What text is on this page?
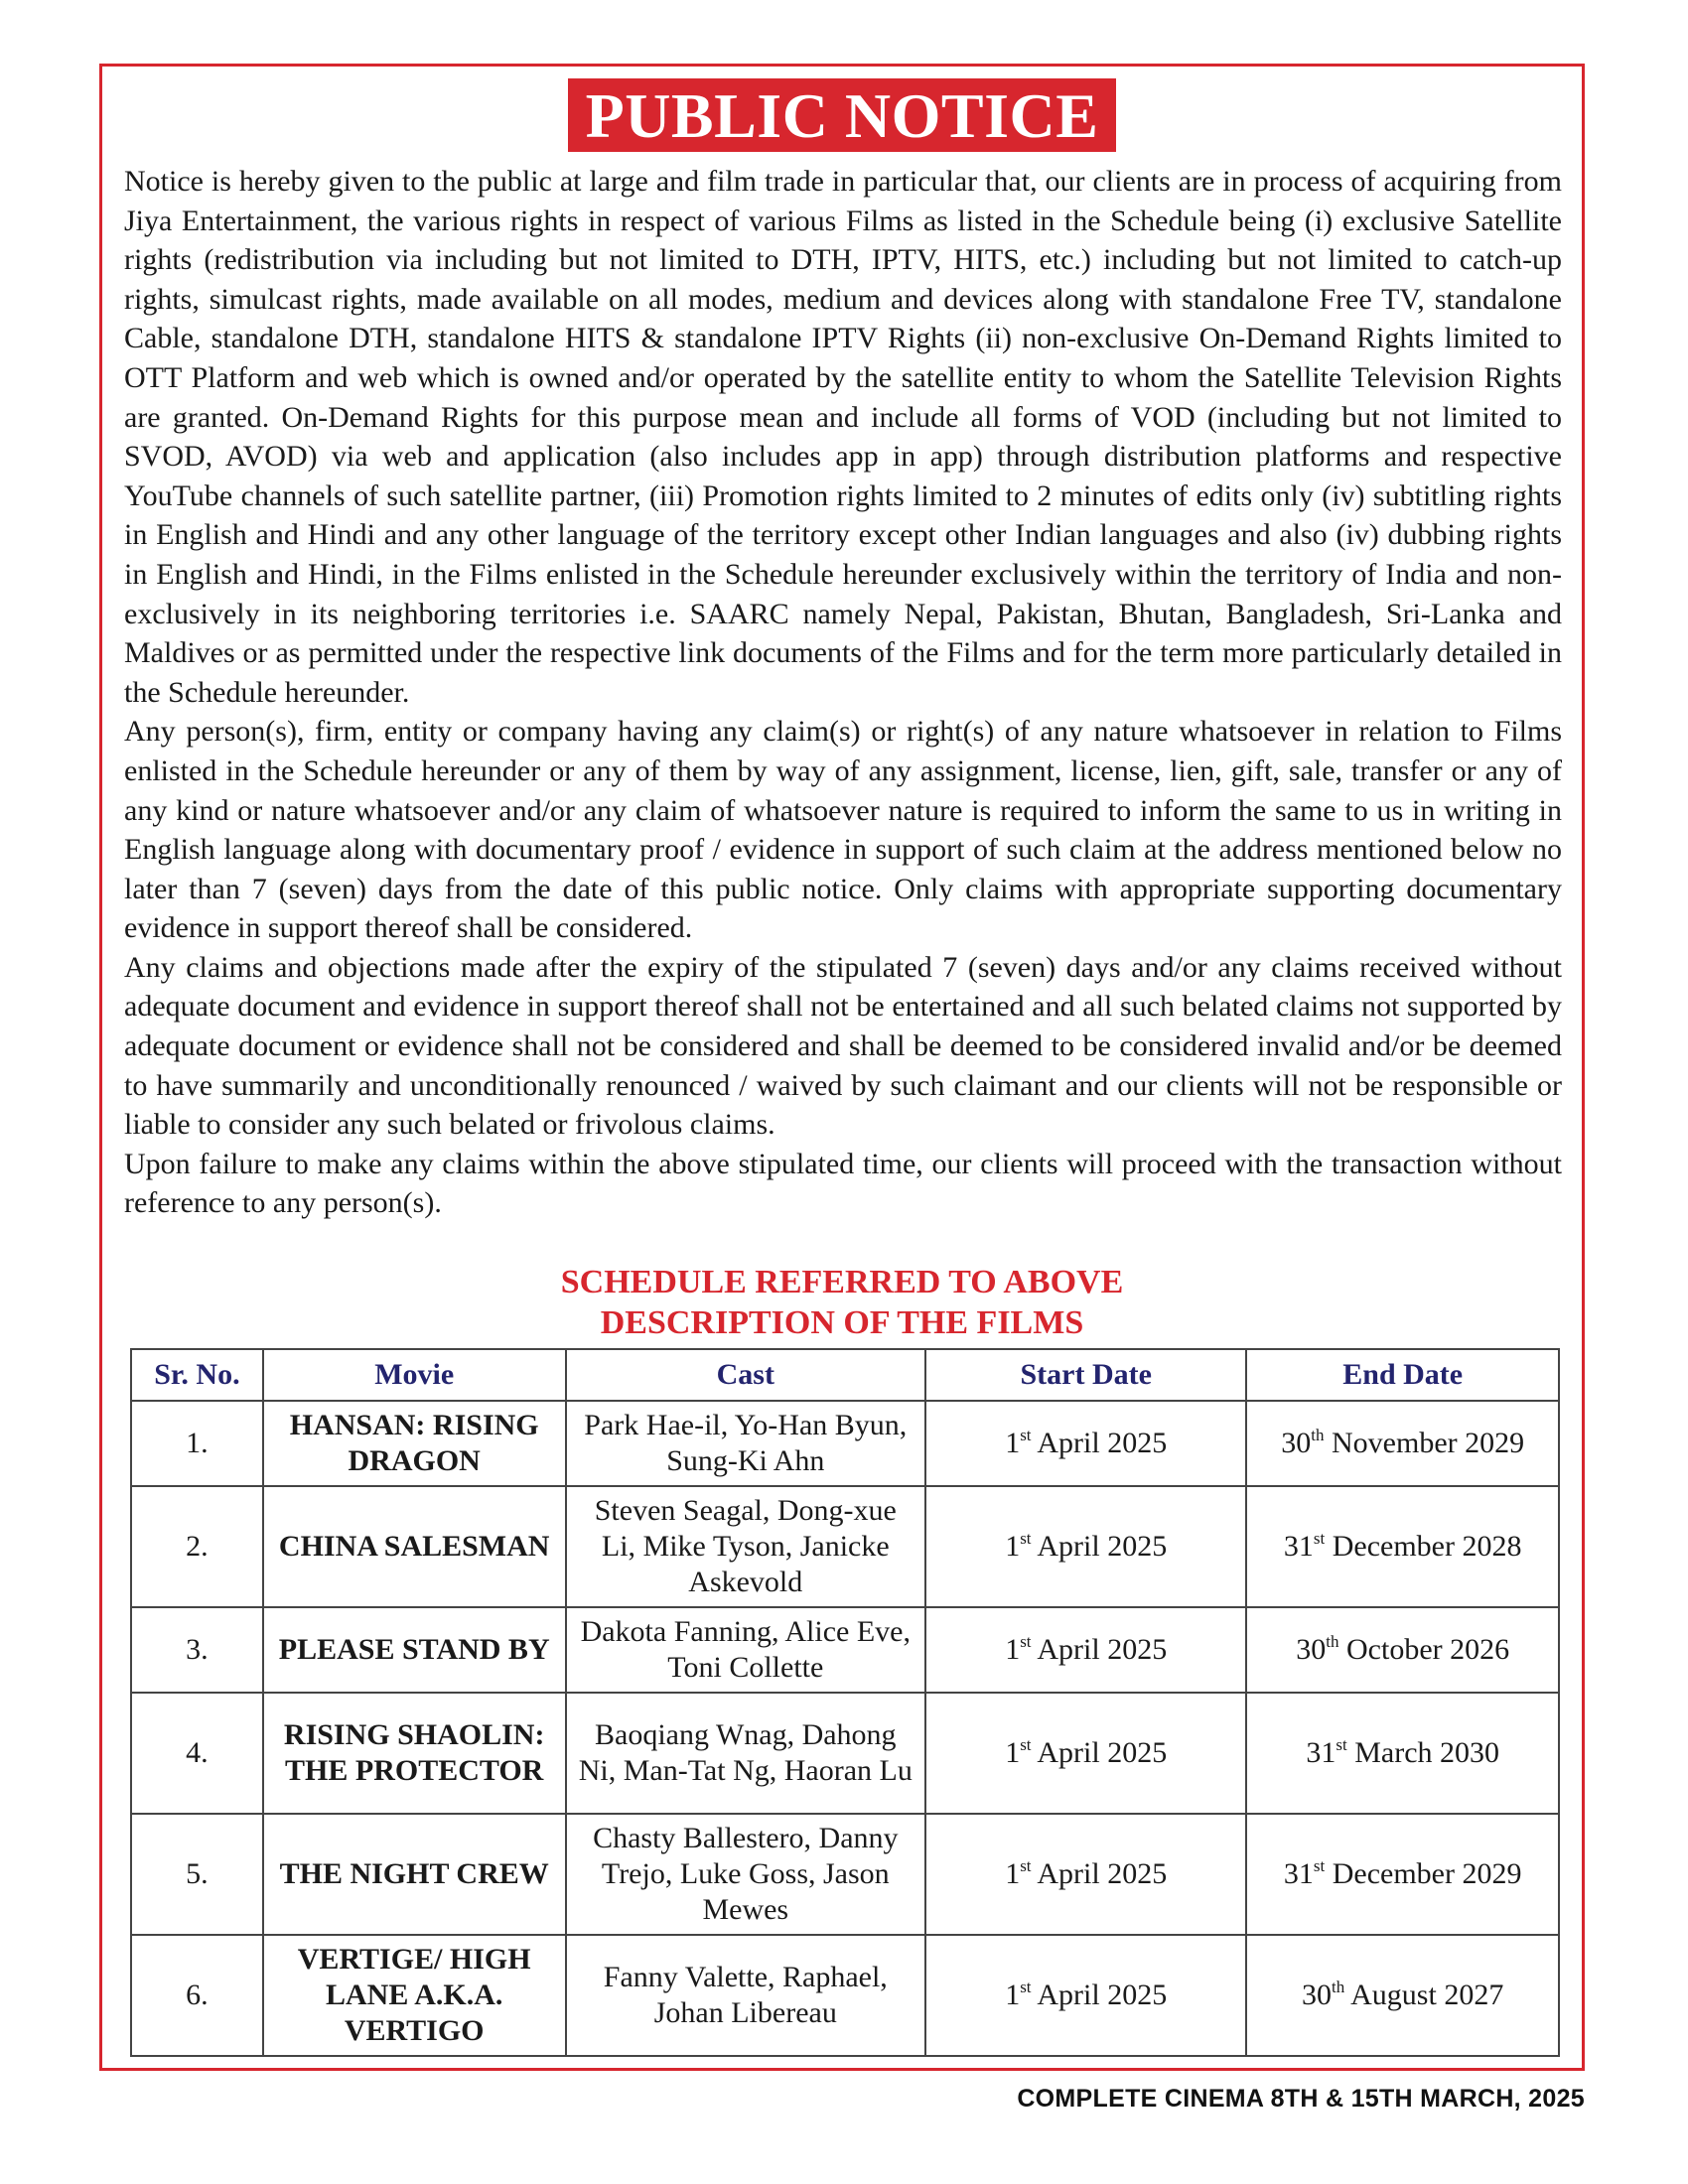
PUBLIC NOTICE

Notice is hereby given to the public at large and film trade in particular that, our clients are in process of acquiring from Jiya Entertainment, the various rights in respect of various Films as listed in the Schedule being (i) exclusive Satellite rights (redistribution via including but not limited to DTH, IPTV, HITS, etc.) including but not limited to catch-up rights, simulcast rights, made available on all modes, medium and devices along with standalone Free TV, standalone Cable, standalone DTH, standalone HITS & standalone IPTV Rights (ii) non-exclusive On-Demand Rights limited to OTT Platform and web which is owned and/or operated by the satellite entity to whom the Satellite Television Rights are granted. On-Demand Rights for this purpose mean and include all forms of VOD (including but not limited to SVOD, AVOD) via web and application (also includes app in app) through distribution platforms and respective YouTube channels of such satellite partner, (iii) Promotion rights limited to 2 minutes of edits only (iv) subtitling rights in English and Hindi and any other language of the territory except other Indian languages and also (iv) dubbing rights in English and Hindi, in the Films enlisted in the Schedule hereunder exclusively within the territory of India and non-exclusively in its neighboring territories i.e. SAARC namely Nepal, Pakistan, Bhutan, Bangladesh, Sri-Lanka and Maldives or as permitted under the respective link documents of the Films and for the term more particularly detailed in the Schedule hereunder.

Any person(s), firm, entity or company having any claim(s) or right(s) of any nature whatsoever in relation to Films enlisted in the Schedule hereunder or any of them by way of any assignment, license, lien, gift, sale, transfer or any of any kind or nature whatsoever and/or any claim of whatsoever nature is required to inform the same to us in writing in English language along with documentary proof / evidence in support of such claim at the address mentioned below no later than 7 (seven) days from the date of this public notice. Only claims with appropriate supporting documentary evidence in support thereof shall be considered.

Any claims and objections made after the expiry of the stipulated 7 (seven) days and/or any claims received without adequate document and evidence in support thereof shall not be entertained and all such belated claims not supported by adequate document or evidence shall not be considered and shall be deemed to be considered invalid and/or be deemed to have summarily and unconditionally renounced / waived by such claimant and our clients will not be responsible or liable to consider any such belated or frivolous claims.

Upon failure to make any claims within the above stipulated time, our clients will proceed with the transaction without reference to any person(s).

SCHEDULE REFERRED TO ABOVE
DESCRIPTION OF THE FILMS
Sr. No.	Movie	Cast	Start Date	End Date
1.	HANSAN: RISING DRAGON	Park Hae-il, Yo-Han Byun, Sung-Ki Ahn	1st April 2025	30th November 2029
2.	CHINA SALESMAN	Steven Seagal, Dong-xue Li, Mike Tyson, Janicke Askevold	1st April 2025	31st December 2028
3.	PLEASE STAND BY	Dakota Fanning, Alice Eve, Toni Collette	1st April 2025	30th October 2026
4.	RISING SHAOLIN: THE PROTECTOR	Baoqiang Wnag, Dahong Ni, Man-Tat Ng, Haoran Lu	1st April 2025	31st March 2030
5.	THE NIGHT CREW	Chasty Ballestero, Danny Trejo, Luke Goss, Jason Mewes	1st April 2025	31st December 2029
6.	VERTIGE/ HIGH LANE A.K.A. VERTIGO	Fanny Valette, Raphael, Johan Libereau	1st April 2025	30th August 2027
COMPLETE CINEMA 8TH & 15TH MARCH, 2025
